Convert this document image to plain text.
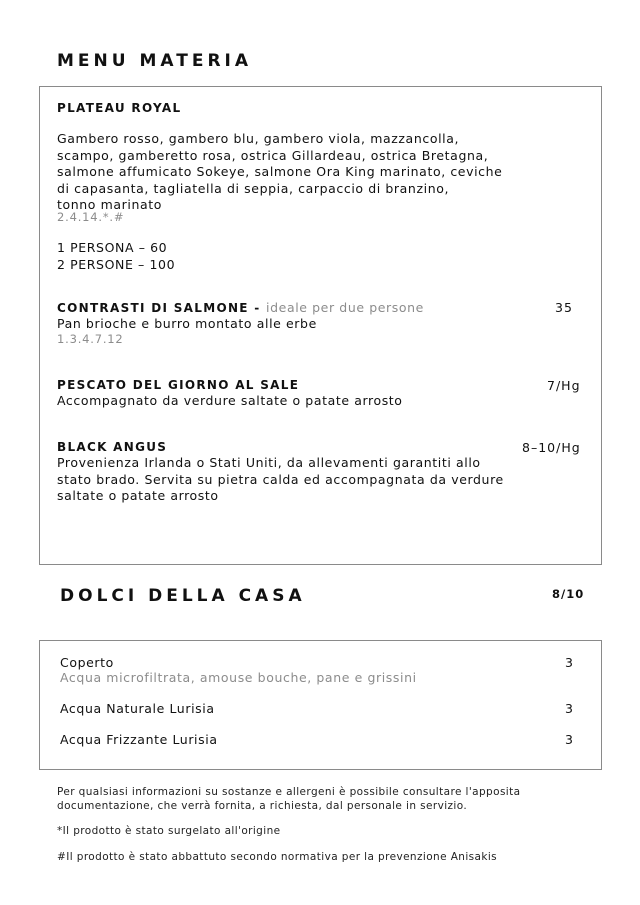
MENU MATERIA
PLATEAU ROYAL
Gambero rosso, gambero blu, gambero viola, mazzancolla,
scampo, gamberetto rosa, ostrica Gillardeau, ostrica Bretagna,
salmone affumicato Sokeye, salmone Ora King marinato, ceviche
di capasanta, tagliatella di seppia, carpaccio di branzino,
tonno marinato
2.4.14.*.#
1 PERSONA – 60
2 PERSONE – 100
CONTRASTI DI SALMONE - ideale per due persone	35
Pan brioche e burro montato alle erbe
1.3.4.7.12
PESCATO DEL GIORNO AL SALE	7/Hg
Accompagnato da verdure saltate o patate arrosto
BLACK ANGUS	8–10/Hg
Provenienza Irlanda o Stati Uniti, da allevamenti garantiti allo
stato brado. Servita su pietra calda ed accompagnata da verdure
saltate o patate arrosto
DOLCI DELLA CASA	8/10
Coperto	3
Acqua microfiltrata, amouse bouche, pane e grissini
Acqua Naturale Lurisia	3
Acqua Frizzante Lurisia	3
Per qualsiasi informazioni su sostanze e allergeni è possibile consultare l'apposita
documentazione, che verrà fornita, a richiesta, dal personale in servizio.
*Il prodotto è stato surgelato all'origine
#Il prodotto è stato abbattuto secondo normativa per la prevenzione Anisakis
